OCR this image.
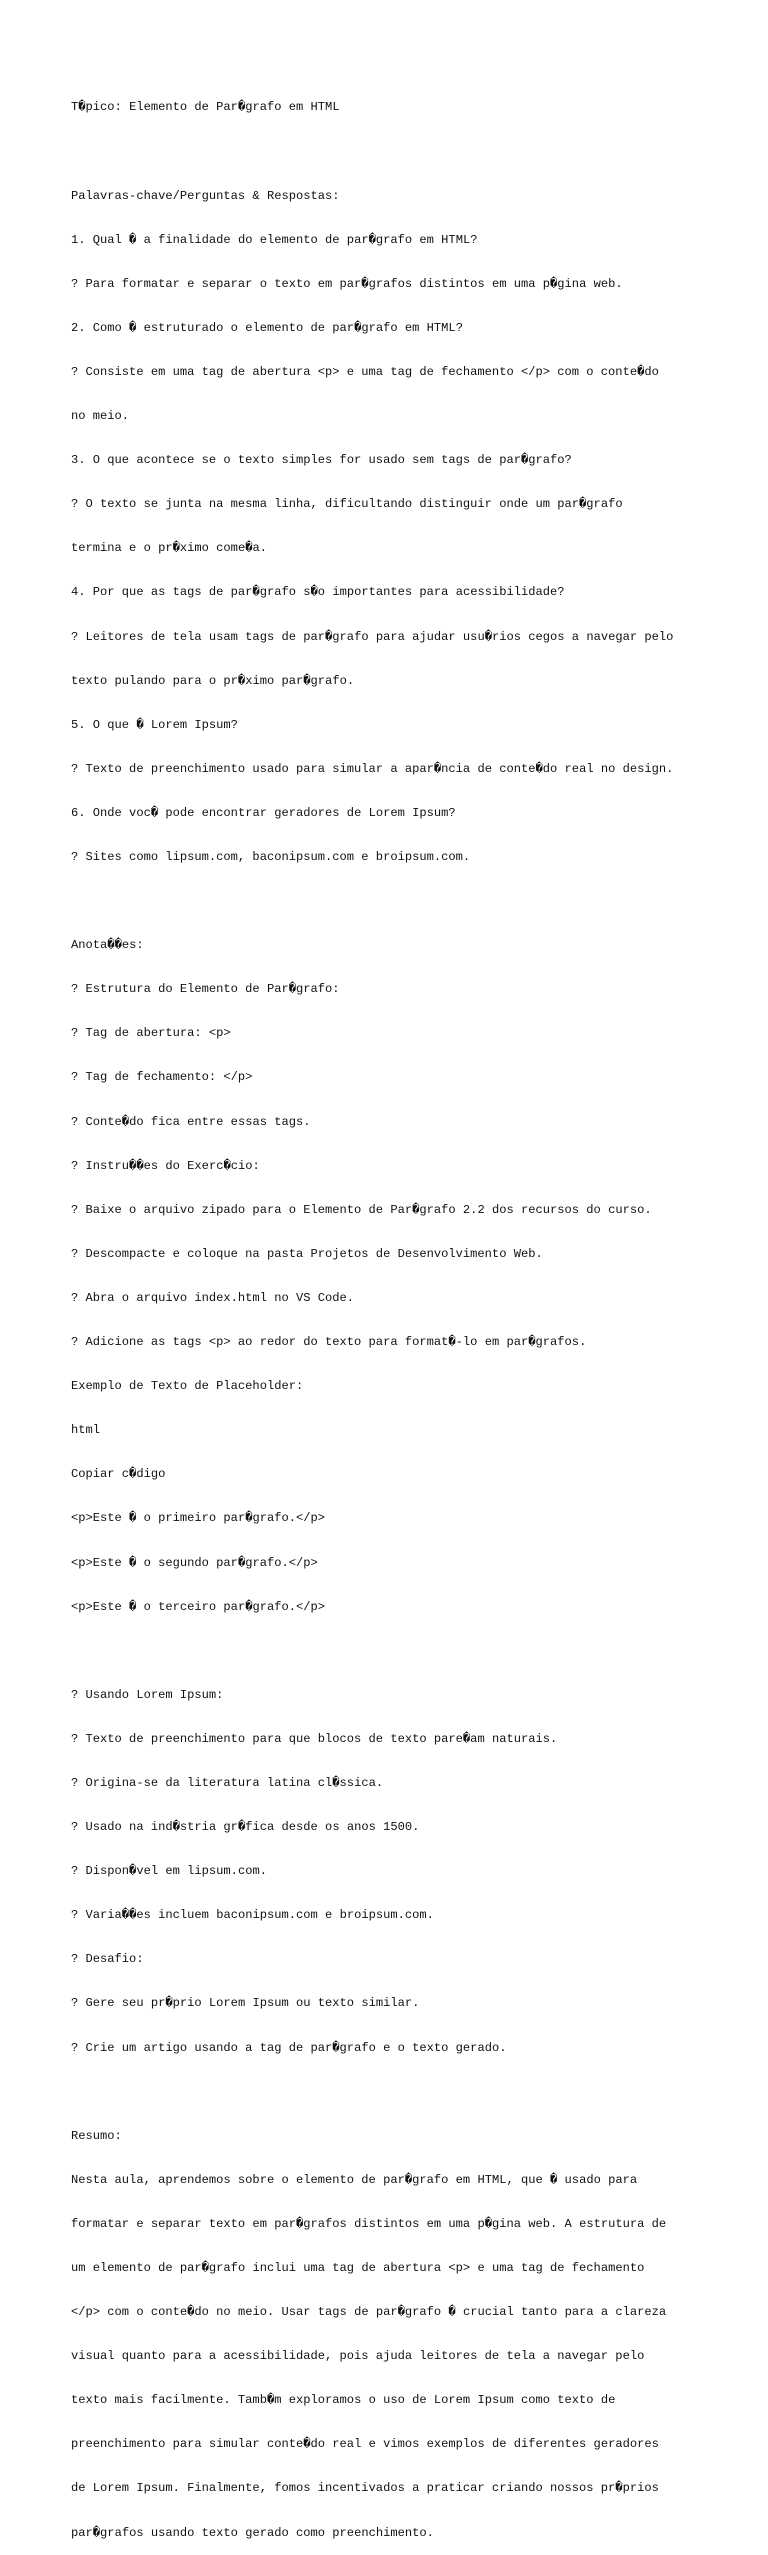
T�pico: Elemento de Par�grafo em HTML

Palavras-chave/Perguntas & Respostas:

1. Qual � a finalidade do elemento de par�grafo em HTML?

? Para formatar e separar o texto em par�grafos distintos em uma p�gina web.

2. Como � estruturado o elemento de par�grafo em HTML?

? Consiste em uma tag de abertura <p> e uma tag de fechamento </p> com o conte�do

no meio.

3. O que acontece se o texto simples for usado sem tags de par�grafo?

? O texto se junta na mesma linha, dificultando distinguir onde um par�grafo

termina e o pr�ximo come�a.

4. Por que as tags de par�grafo s�o importantes para acessibilidade?

? Leitores de tela usam tags de par�grafo para ajudar usu�rios cegos a navegar pelo

texto pulando para o pr�ximo par�grafo.

5. O que � Lorem Ipsum?

? Texto de preenchimento usado para simular a apar�ncia de conte�do real no design.

6. Onde voc� pode encontrar geradores de Lorem Ipsum?

? Sites como lipsum.com, baconipsum.com e broipsum.com.

Anota��es:

? Estrutura do Elemento de Par�grafo:

? Tag de abertura: <p>

? Tag de fechamento: </p>

? Conte�do fica entre essas tags.

? Instru��es do Exerc�cio:

? Baixe o arquivo zipado para o Elemento de Par�grafo 2.2 dos recursos do curso.

? Descompacte e coloque na pasta Projetos de Desenvolvimento Web.

? Abra o arquivo index.html no VS Code.

? Adicione as tags <p> ao redor do texto para format�-lo em par�grafos.

Exemplo de Texto de Placeholder:

html

Copiar c�digo

<p>Este � o primeiro par�grafo.</p>

<p>Este � o segundo par�grafo.</p>

<p>Este � o terceiro par�grafo.</p>

? Usando Lorem Ipsum:

? Texto de preenchimento para que blocos de texto pare�am naturais.

? Origina-se da literatura latina cl�ssica.

? Usado na ind�stria gr�fica desde os anos 1500.

? Dispon�vel em lipsum.com.

? Varia��es incluem baconipsum.com e broipsum.com.

? Desafio:

? Gere seu pr�prio Lorem Ipsum ou texto similar.

? Crie um artigo usando a tag de par�grafo e o texto gerado.

Resumo:

Nesta aula, aprendemos sobre o elemento de par�grafo em HTML, que � usado para

formatar e separar texto em par�grafos distintos em uma p�gina web. A estrutura de

um elemento de par�grafo inclui uma tag de abertura <p> e uma tag de fechamento

</p> com o conte�do no meio. Usar tags de par�grafo � crucial tanto para a clareza

visual quanto para a acessibilidade, pois ajuda leitores de tela a navegar pelo

texto mais facilmente. Tamb�m exploramos o uso de Lorem Ipsum como texto de

preenchimento para simular conte�do real e vimos exemplos de diferentes geradores

de Lorem Ipsum. Finalmente, fomos incentivados a praticar criando nossos pr�prios

par�grafos usando texto gerado como preenchimento.
